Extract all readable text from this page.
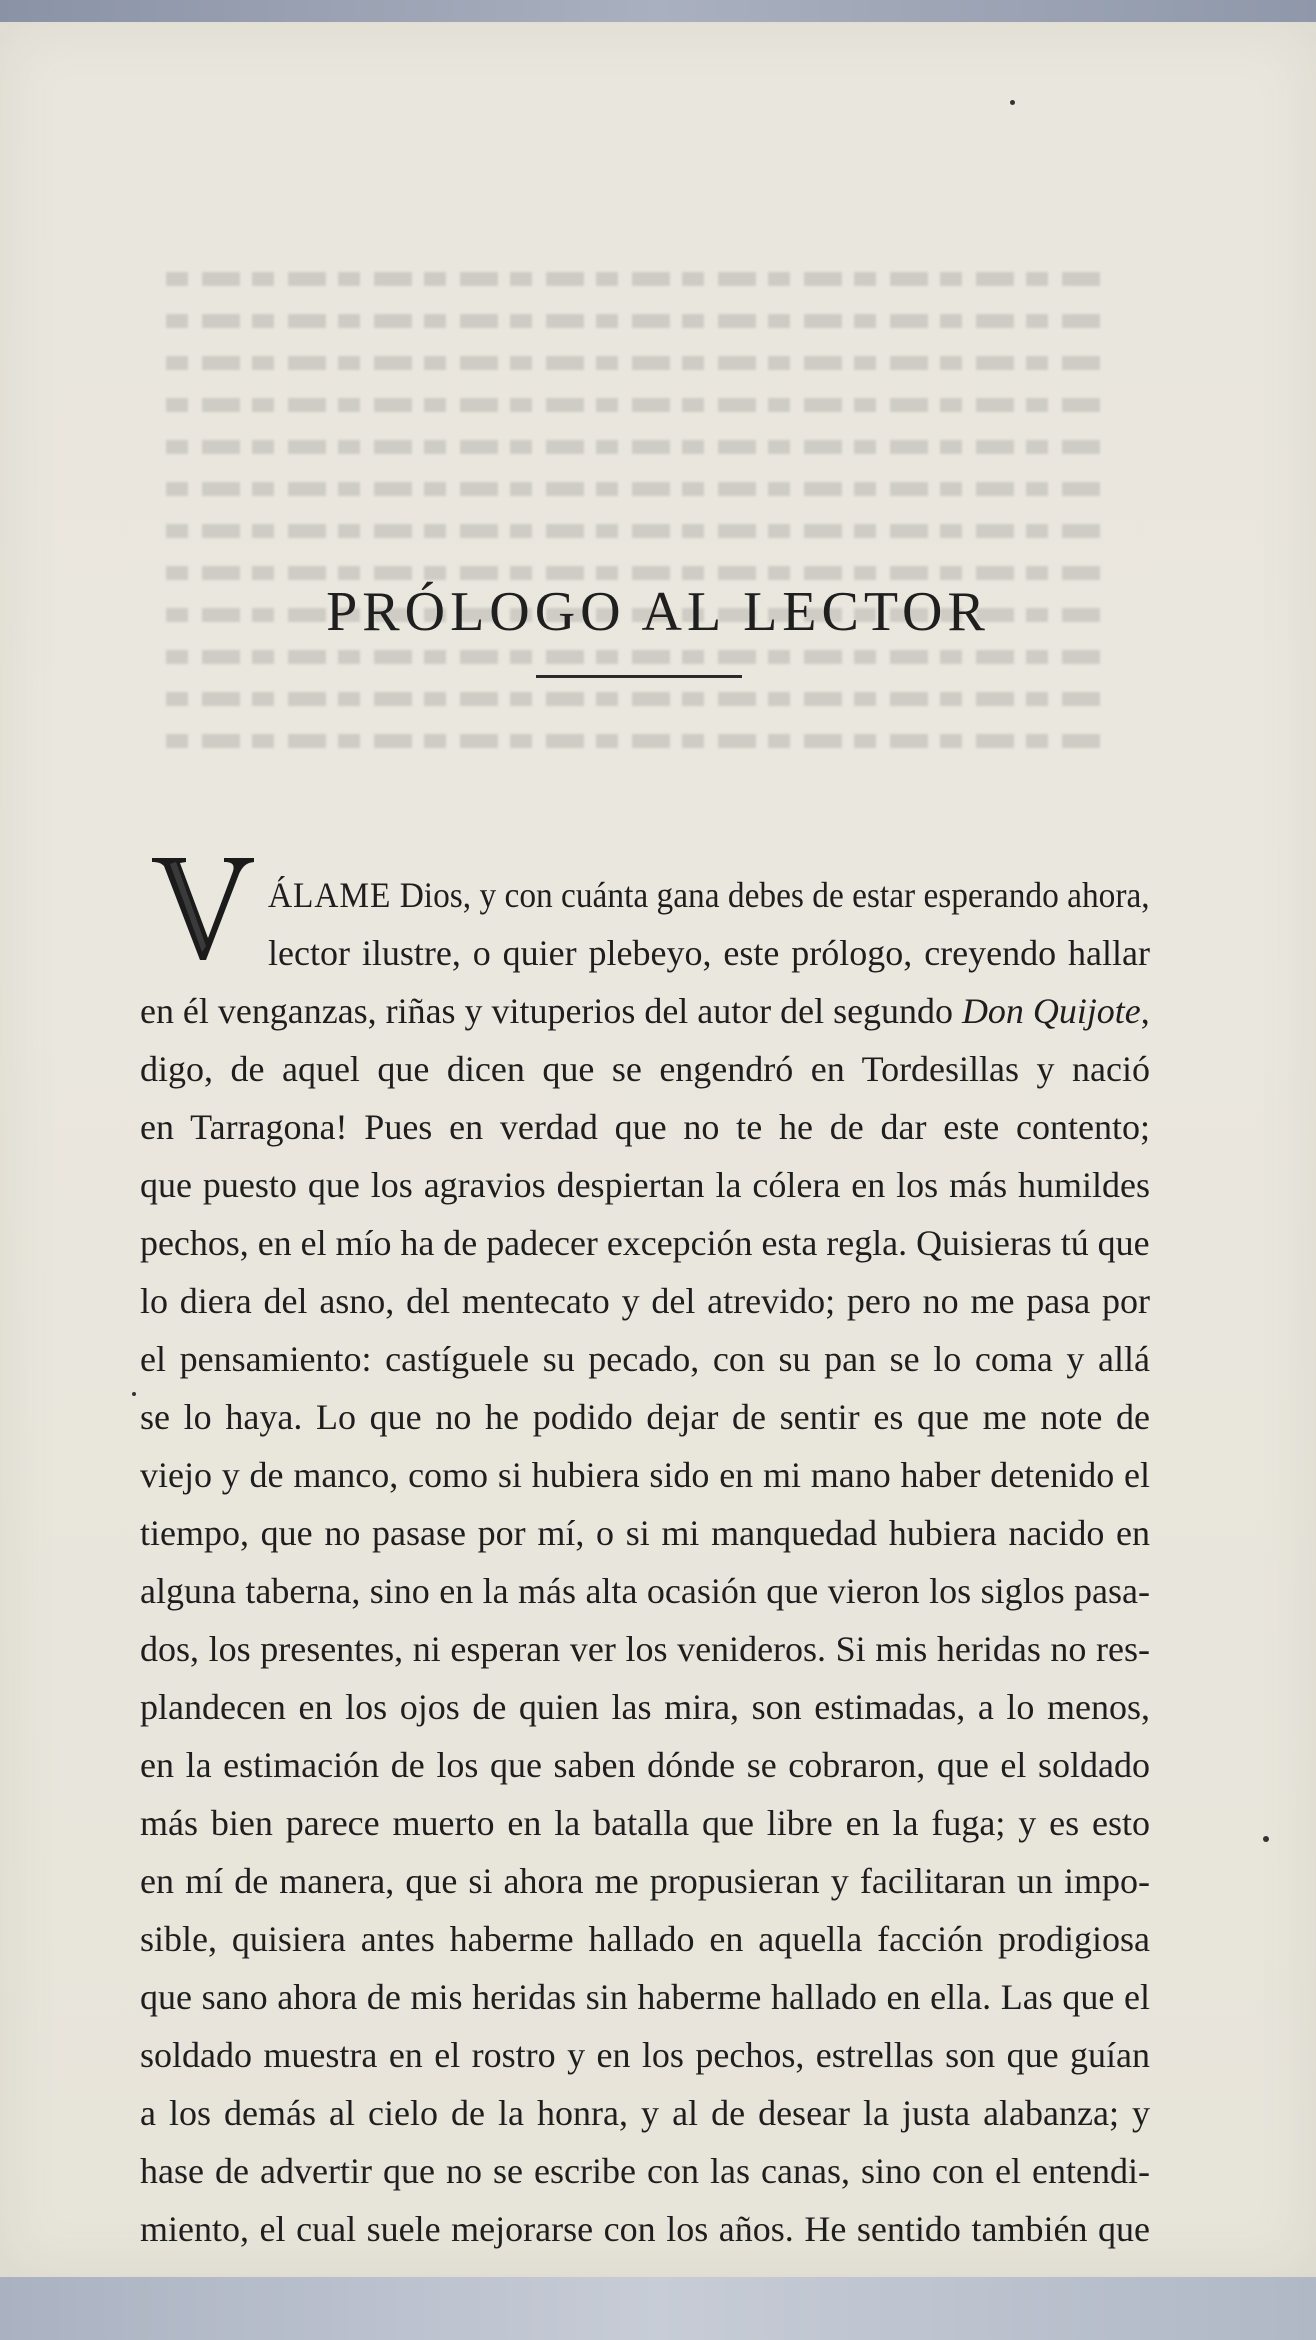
PRÓLOGO AL LECTOR
ÁLAME Dios, y con cuánta gana debes de estar esperando ahora,
lector ilustre, o quier plebeyo, este prólogo, creyendo hallar
en él venganzas, riñas y vituperios del autor del segundo Don Quijote,
digo, de aquel que dicen que se engendró en Tordesillas y nació
en Tarragona! Pues en verdad que no te he de dar este contento;
que puesto que los agravios despiertan la cólera en los más humildes
pechos, en el mío ha de padecer excepción esta regla. Quisieras tú que
lo diera del asno, del mentecato y del atrevido; pero no me pasa por
el pensamiento: castíguele su pecado, con su pan se lo coma y allá
se lo haya. Lo que no he podido dejar de sentir es que me note de
viejo y de manco, como si hubiera sido en mi mano haber detenido el
tiempo, que no pasase por mí, o si mi manquedad hubiera nacido en
alguna taberna, sino en la más alta ocasión que vieron los siglos pasa-
dos, los presentes, ni esperan ver los venideros. Si mis heridas no res-
plandecen en los ojos de quien las mira, son estimadas, a lo menos,
en la estimación de los que saben dónde se cobraron, que el soldado
más bien parece muerto en la batalla que libre en la fuga; y es esto
en mí de manera, que si ahora me propusieran y facilitaran un impo-
sible, quisiera antes haberme hallado en aquella facción prodigiosa
que sano ahora de mis heridas sin haberme hallado en ella. Las que el
soldado muestra en el rostro y en los pechos, estrellas son que guían
a los demás al cielo de la honra, y al de desear la justa alabanza; y
hase de advertir que no se escribe con las canas, sino con el entendi-
miento, el cual suele mejorarse con los años. He sentido también que
